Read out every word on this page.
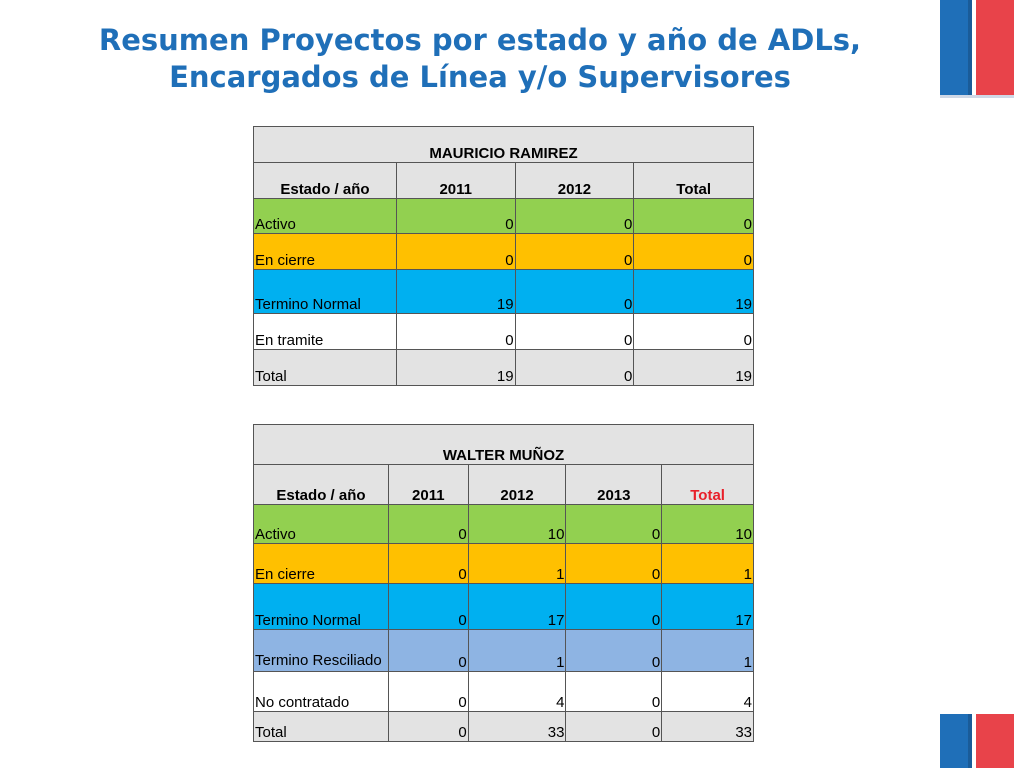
Resumen Proyectos por estado y año de ADLs,
Encargados de Línea y/o Supervisores
MAURICIO RAMIREZ			
Estado / año	2011	2012	Total
Activo	0	0	0
En cierre	0	0	0
Termino Normal	19	0	19
En tramite	0	0	0
Total	19	0	19
WALTER MUÑOZ				
Estado / año	2011	2012	2013	Total
Activo	0	10	0	10
En cierre	0	1	0	1
Termino Normal	0	17	0	17
Termino Resciliado	0	1	0	1
No contratado	0	4	0	4
Total	0	33	0	33
